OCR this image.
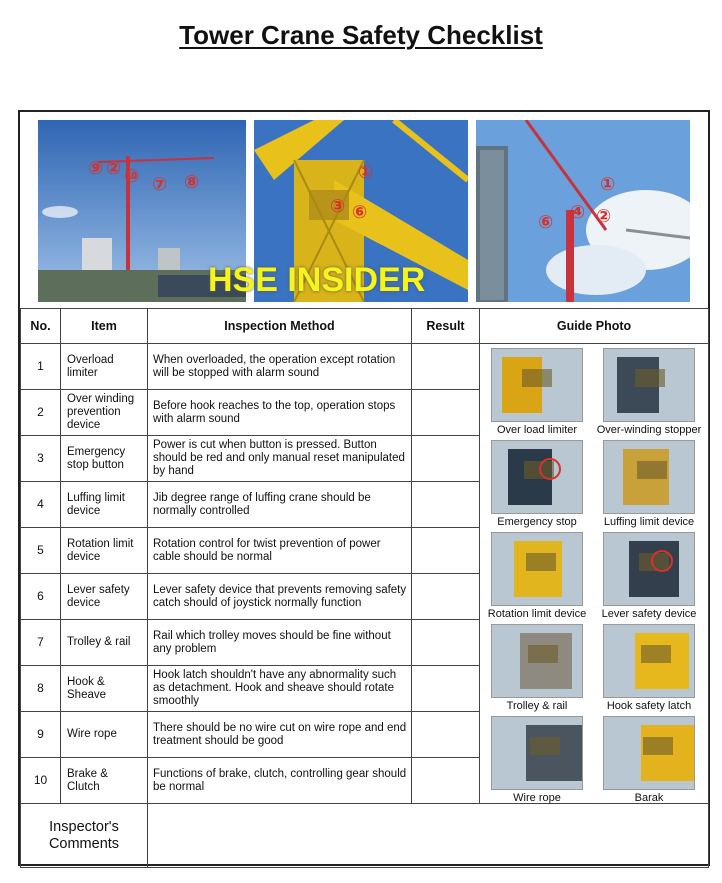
Tower Crane Safety Checklist
⑨ ② ⑩ ⑦ ⑧	①
③ ⑥
①
④ ②
⑥
HSE INSIDER
No.	Item	Inspection Method	Result	Guide Photo
1	Overload limiter	When overloaded, the operation except rotation will be stopped with alarm sound		
2	Over winding prevention device	Before hook reaches to the top, operation stops with alarm sound		
3	Emergency stop button	Power is cut when button is pressed. Button should be red and only manual reset manipulated by hand		
4	Luffing limit device	Jib degree range of luffing crane should be normally controlled		
5	Rotation limit device	Rotation control for twist prevention of power cable should be normal		
6	Lever safety device	Lever safety device that prevents removing safety catch should of joystick normally function		
7	Trolley & rail	Rail which trolley moves should be fine without any problem		
8	Hook & Sheave	Hook latch shouldn't have any abnormality such as detachment. Hook and sheave should rotate smoothly		
9	Wire rope	There should be no wire cut on wire rope and end treatment should be good		
10	Brake & Clutch	Functions of brake, clutch, controlling gear should be normal		
Inspector's Comments				
Over load limiter	Over-winding stopper
Emergency stop	Luffing limit device
Rotation limit device	Lever safety device
Trolley & rail	Hook safety latch
Wire rope	Barak
